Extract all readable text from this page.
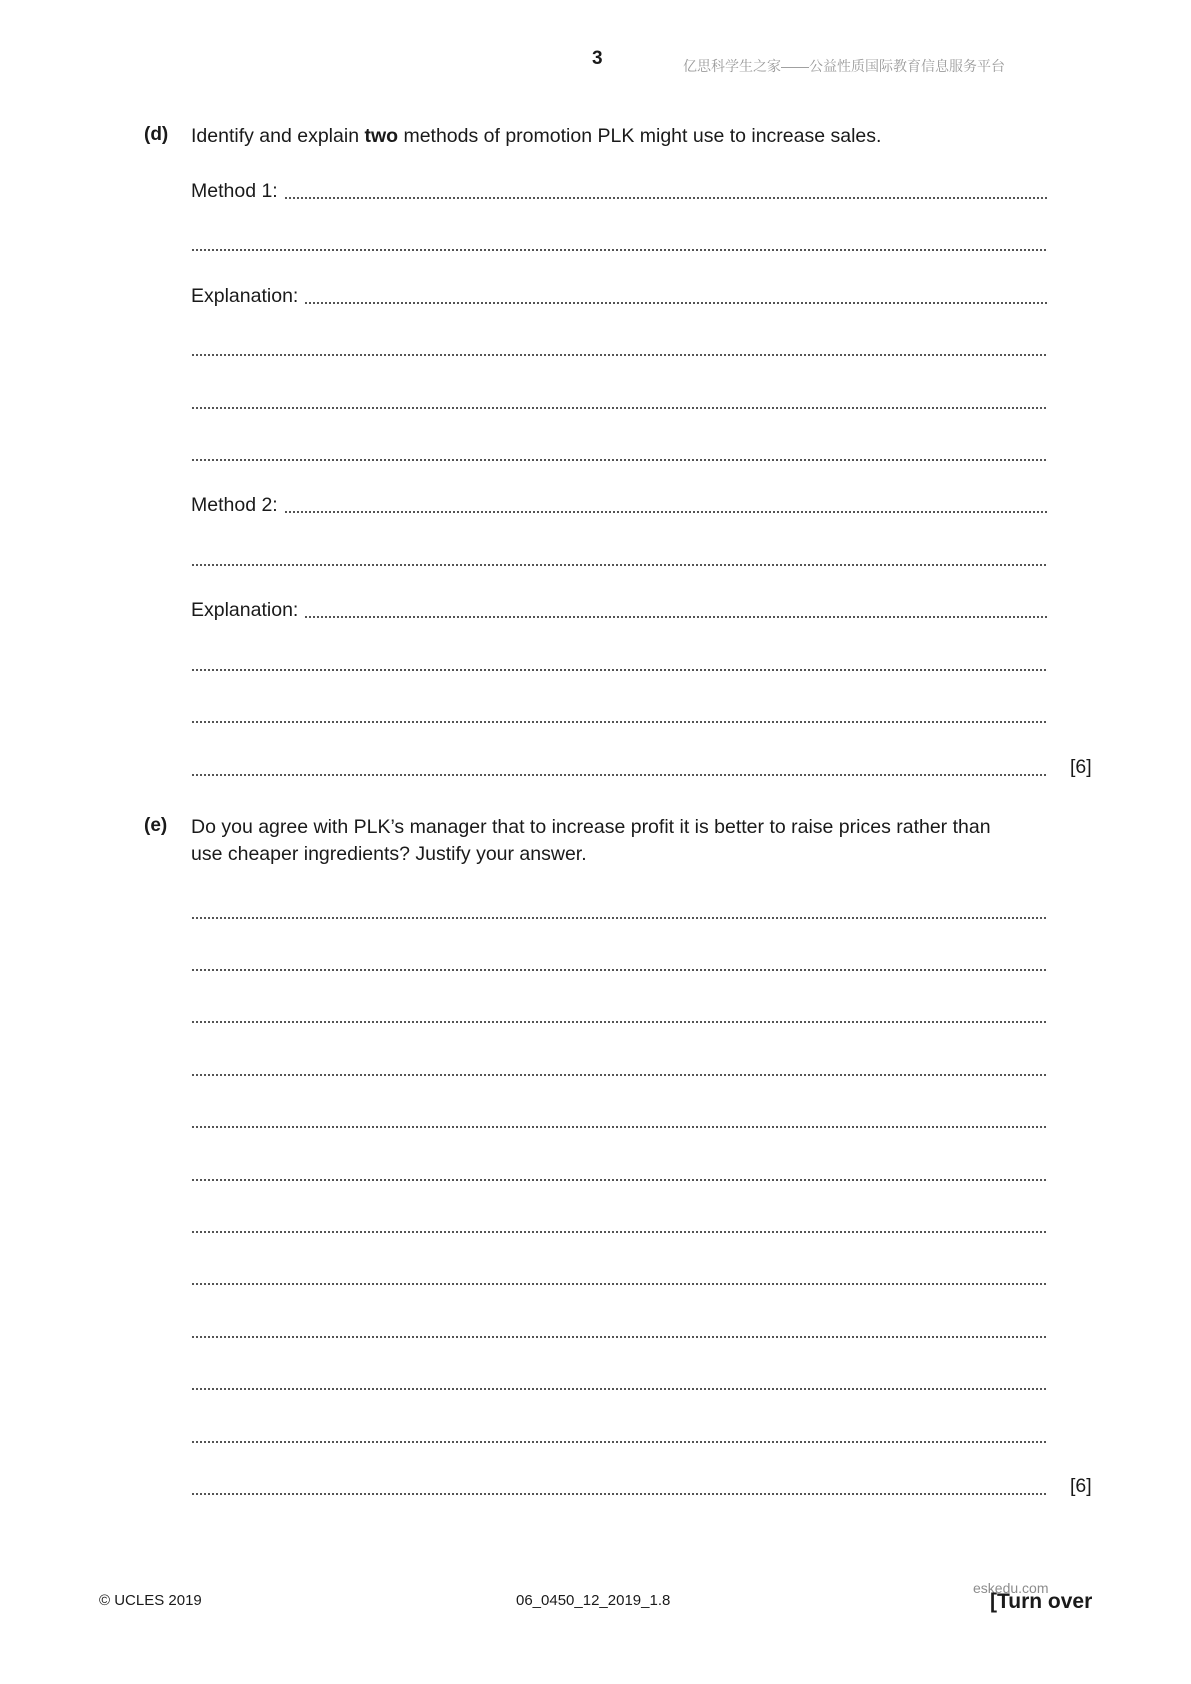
3	亿思科学生之家——公益性质国际教育信息服务平台
(d) Identify and explain two methods of promotion PLK might use to increase sales.
Method 1:
Explanation:
Method 2:
Explanation:
[6]
(e) Do you agree with PLK’s manager that to increase profit it is better to raise prices rather than
use cheaper ingredients? Justify your answer.
[6]
© UCLES 2019	06_0450_12_2019_1.8
eskedu.com
[Turn over
